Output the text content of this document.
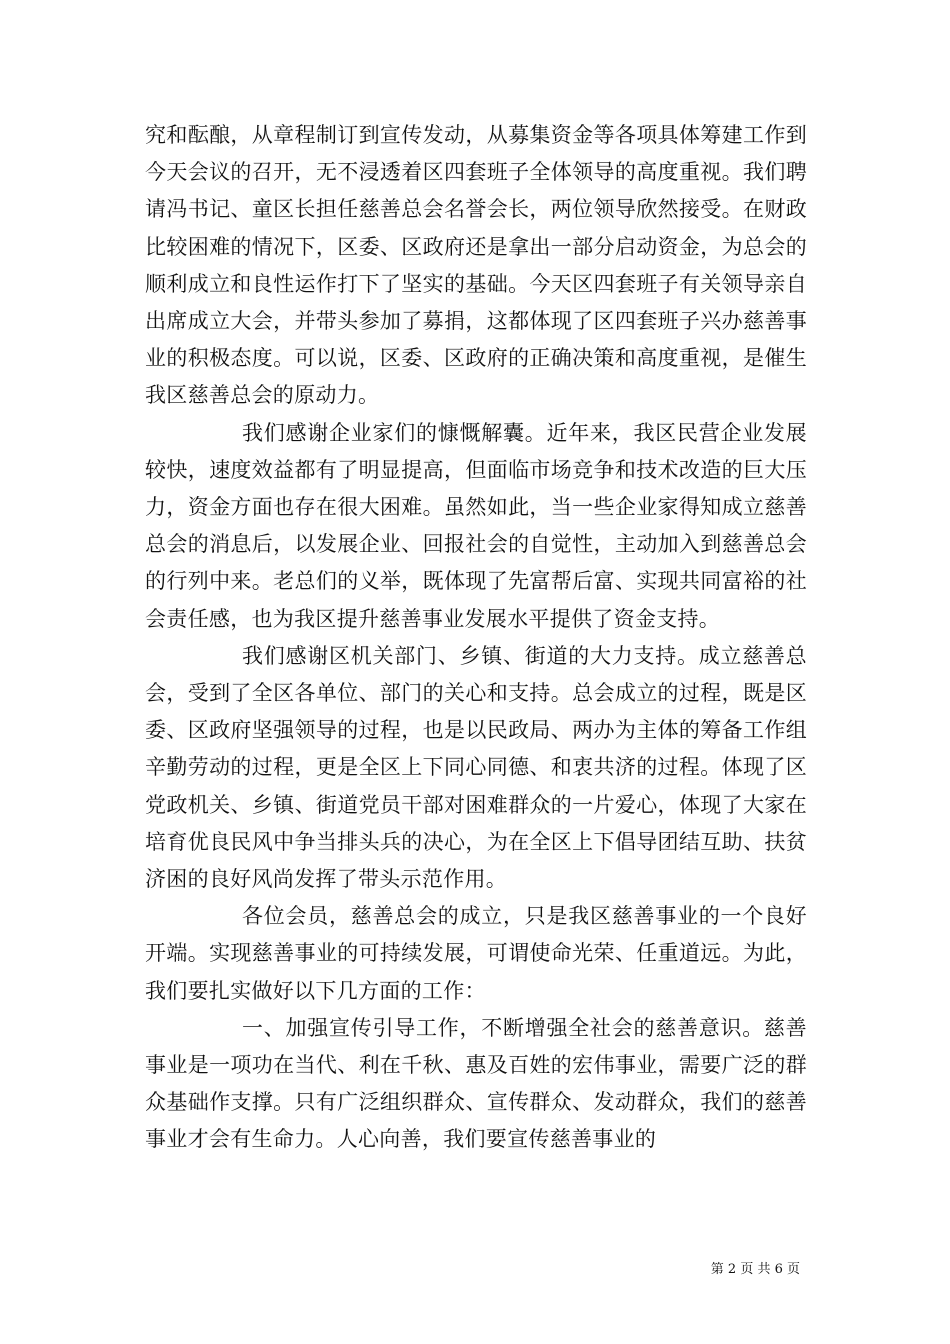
究和酝酿，从章程制订到宣传发动，从募集资金等各项具体筹建工作到今天会议的召开，无不浸透着区四套班子全体领导的高度重视。我们聘请冯书记、童区长担任慈善总会名誉会长，两位领导欣然接受。在财政比较困难的情况下，区委、区政府还是拿出一部分启动资金，为总会的顺利成立和良性运作打下了坚实的基础。今天区四套班子有关领导亲自出席成立大会，并带头参加了募捐，这都体现了区四套班子兴办慈善事业的积极态度。可以说，区委、区政府的正确决策和高度重视，是催生我区慈善总会的原动力。

我们感谢企业家们的慷慨解囊。近年来，我区民营企业发展较快，速度效益都有了明显提高，但面临市场竞争和技术改造的巨大压力，资金方面也存在很大困难。虽然如此，当一些企业家得知成立慈善总会的消息后，以发展企业、回报社会的自觉性，主动加入到慈善总会的行列中来。老总们的义举，既体现了先富帮后富、实现共同富裕的社会责任感，也为我区提升慈善事业发展水平提供了资金支持。

我们感谢区机关部门、乡镇、街道的大力支持。成立慈善总会，受到了全区各单位、部门的关心和支持。总会成立的过程，既是区委、区政府坚强领导的过程，也是以民政局、两办为主体的筹备工作组辛勤劳动的过程，更是全区上下同心同德、和衷共济的过程。体现了区党政机关、乡镇、街道党员干部对困难群众的一片爱心，体现了大家在培育优良民风中争当排头兵的决心，为在全区上下倡导团结互助、扶贫济困的良好风尚发挥了带头示范作用。

各位会员，慈善总会的成立，只是我区慈善事业的一个良好开端。实现慈善事业的可持续发展，可谓使命光荣、任重道远。为此，我们要扎实做好以下几方面的工作：

一、加强宣传引导工作，不断增强全社会的慈善意识。慈善事业是一项功在当代、利在千秋、惠及百姓的宏伟事业，需要广泛的群众基础作支撑。只有广泛组织群众、宣传群众、发动群众，我们的慈善事业才会有生命力。人心向善，我们要宣传慈善事业的

第 2 页 共 6 页
